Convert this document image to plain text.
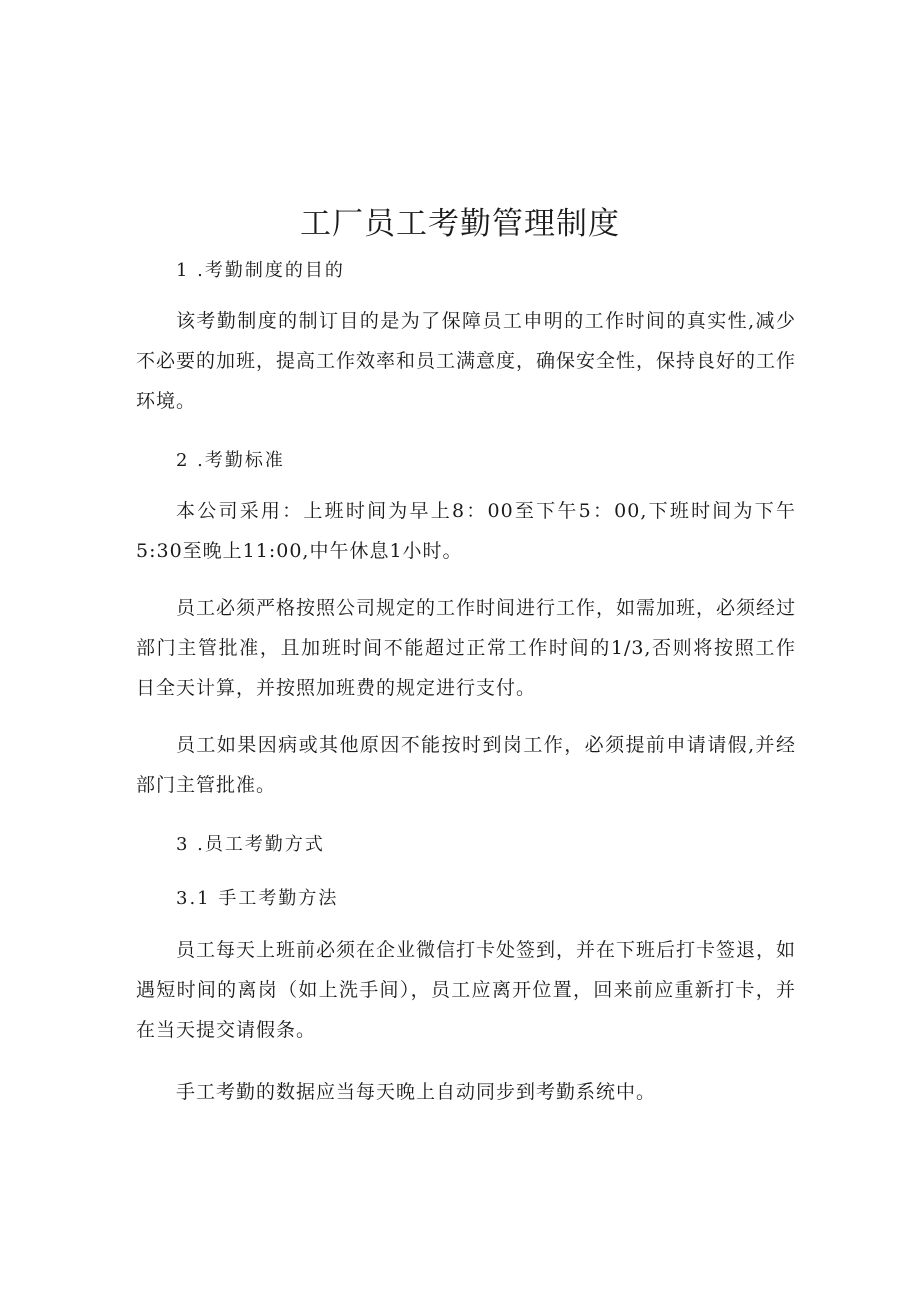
工厂员工考勤管理制度

1 .考勤制度的目的

该考勤制度的制订目的是为了保障员工申明的工作时间的真实性,减少不必要的加班，提高工作效率和员工满意度，确保安全性，保持良好的工作环境。

2 .考勤标准

本公司采用：上班时间为早上8：00至下午5：00,下班时间为下午5:30至晚上11:00,中午休息1小时。

员工必须严格按照公司规定的工作时间进行工作，如需加班，必须经过部门主管批准，且加班时间不能超过正常工作时间的1/3,否则将按照工作日全天计算，并按照加班费的规定进行支付。

员工如果因病或其他原因不能按时到岗工作，必须提前申请请假,并经部门主管批准。

3 .员工考勤方式

3.1 手工考勤方法

员工每天上班前必须在企业微信打卡处签到，并在下班后打卡签退，如遇短时间的离岗（如上洗手间），员工应离开位置，回来前应重新打卡，并在当天提交请假条。

手工考勤的数据应当每天晚上自动同步到考勤系统中。
